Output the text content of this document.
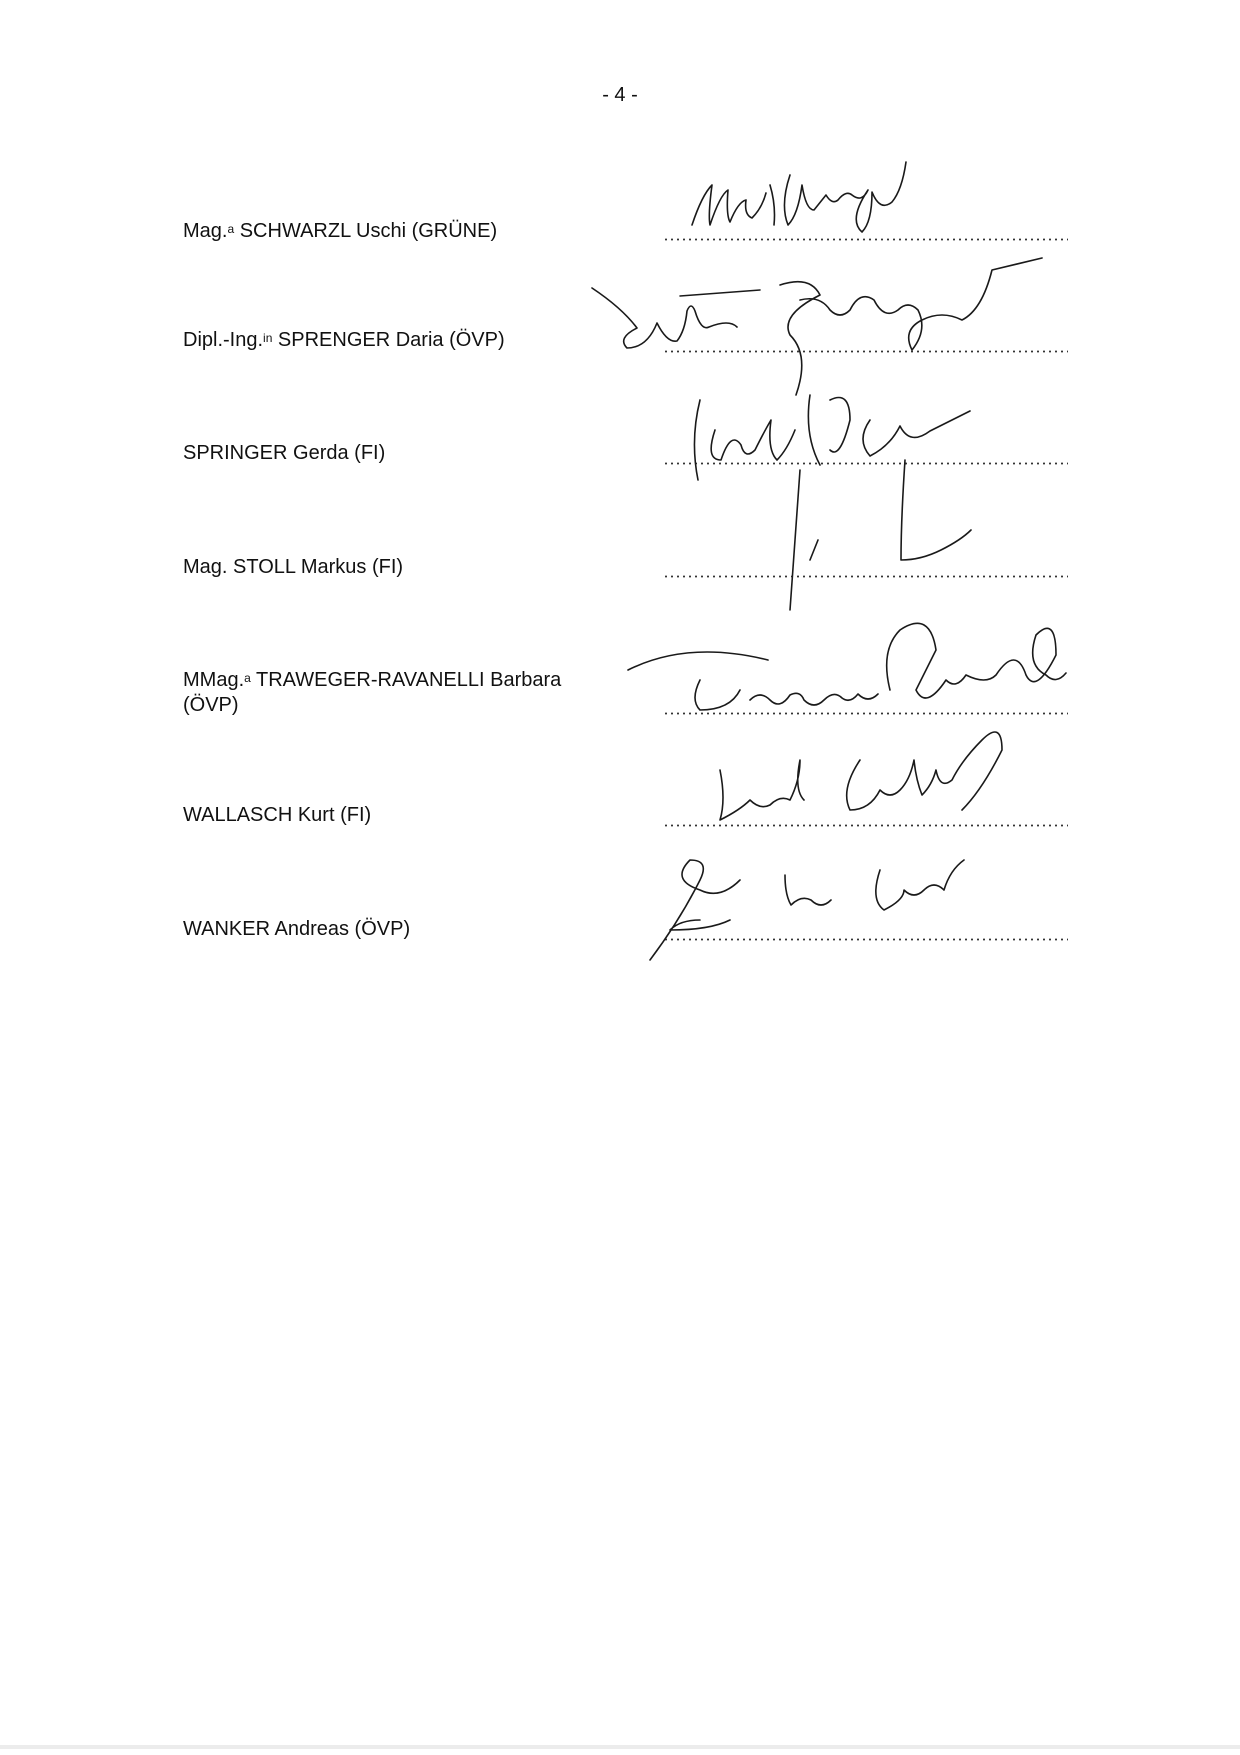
- 4 -
Mag.$^a$ SCHWARZL Uschi (GRÜNE)
Dipl.-Ing.$^{in}$ SPRENGER Daria (ÖVP)
SPRINGER Gerda (FI)
Mag. STOLL Markus (FI)
MMag.$^a$ TRAWEGER-RAVANELLI Barbara
(ÖVP)
WALLASCH Kurt (FI)
WANKER Andreas (ÖVP)
